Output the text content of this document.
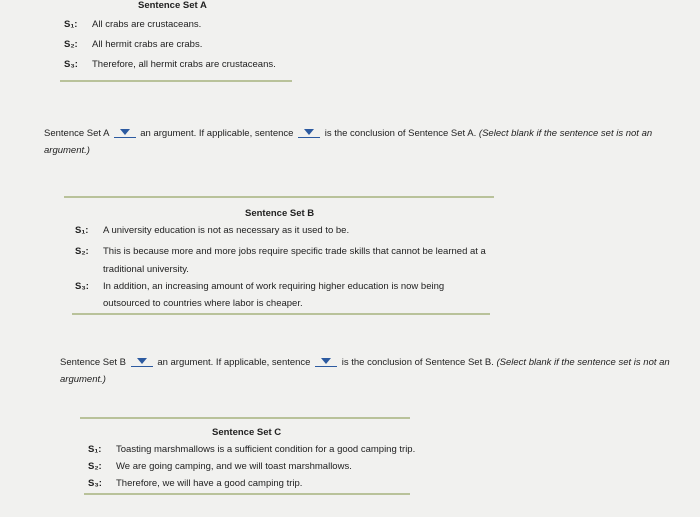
Sentence Set A
S₁: All crabs are crustaceans.
S₂: All hermit crabs are crabs.
S₃: Therefore, all hermit crabs are crustaceans.
Sentence Set A	an argument. If applicable, sentence	is the conclusion of Sentence Set A. (Select blank if the sentence set is not an argument.)
Sentence Set B
S₁: A university education is not as necessary as it used to be.
S₂: This is because more and more jobs require specific trade skills that cannot be learned at a traditional university.
S₃: In addition, an increasing amount of work requiring higher education is now being outsourced to countries where labor is cheaper.
Sentence Set B	an argument. If applicable, sentence	is the conclusion of Sentence Set B. (Select blank if the sentence set is not an argument.)
Sentence Set C
S₁: Toasting marshmallows is a sufficient condition for a good camping trip.
S₂: We are going camping, and we will toast marshmallows.
S₃: Therefore, we will have a good camping trip.
